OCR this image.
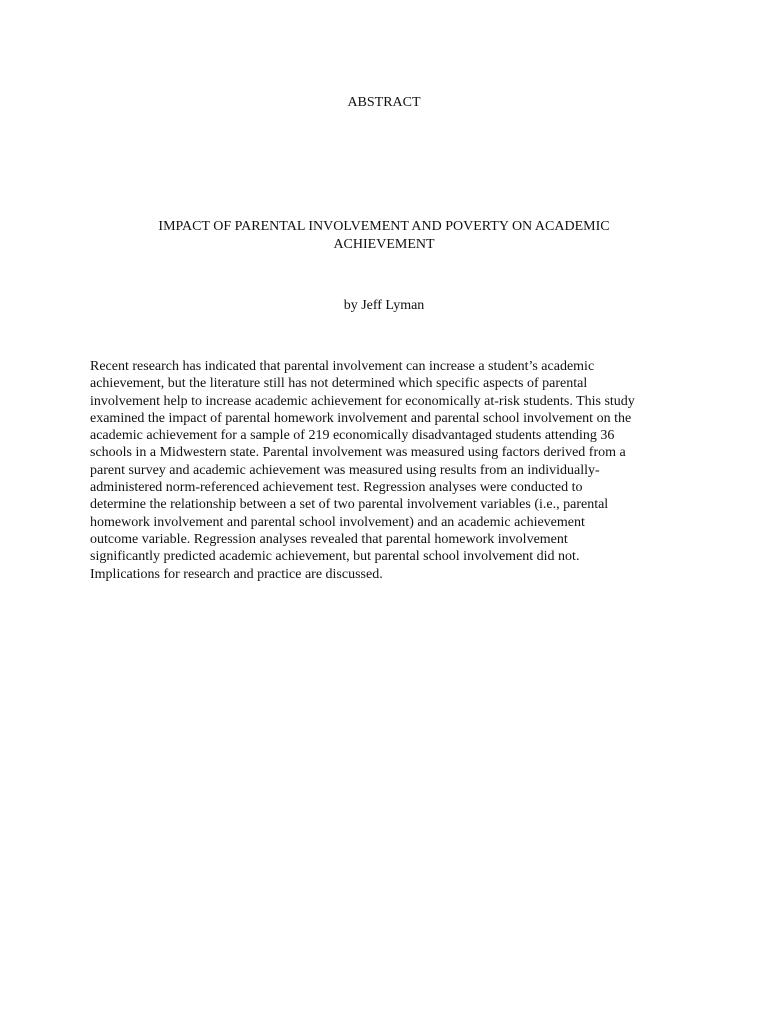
ABSTRACT
IMPACT OF PARENTAL INVOLVEMENT AND POVERTY ON ACADEMIC ACHIEVEMENT
by Jeff Lyman
Recent research has indicated that parental involvement can increase a student’s academic
achievement, but the literature still has not determined which specific aspects of parental
involvement help to increase academic achievement for economically at-risk students. This study
examined the impact of parental homework involvement and parental school involvement on the
academic achievement for a sample of 219 economically disadvantaged students attending 36
schools in a Midwestern state. Parental involvement was measured using factors derived from a
parent survey and academic achievement was measured using results from an individually-
administered norm-referenced achievement test. Regression analyses were conducted to
determine the relationship between a set of two parental involvement variables (i.e., parental
homework involvement and parental school involvement) and an academic achievement
outcome variable. Regression analyses revealed that parental homework involvement
significantly predicted academic achievement, but parental school involvement did not.
Implications for research and practice are discussed.
